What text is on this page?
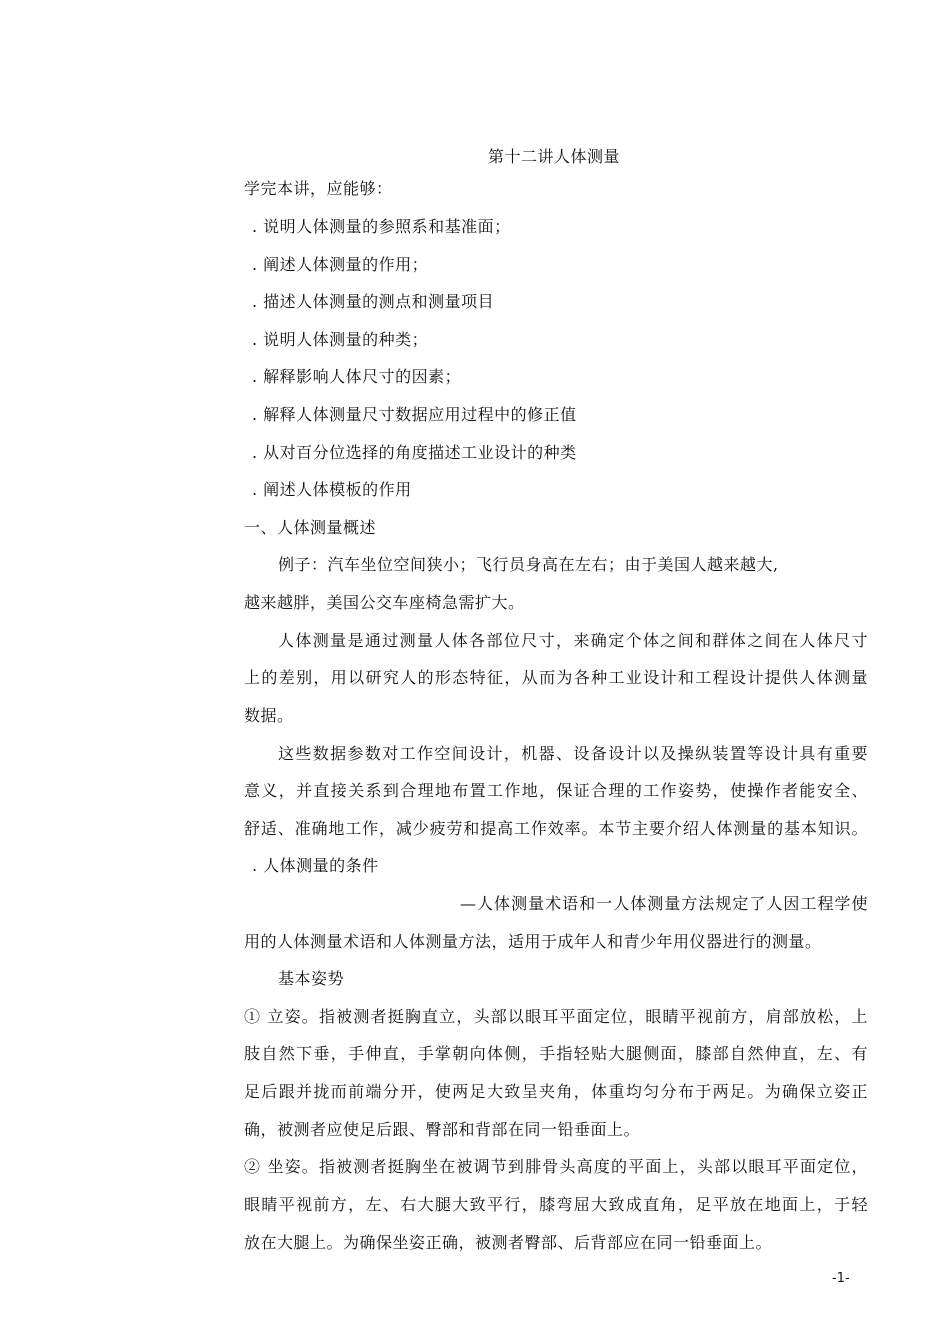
第十二讲人体测量
学完本讲，应能够：
. 说明人体测量的参照系和基准面；
. 阐述人体测量的作用；
. 描述人体测量的测点和测量项目
. 说明人体测量的种类；
. 解释影响人体尺寸的因素；
. 解释人体测量尺寸数据应用过程中的修正值
. 从对百分位选择的角度描述工业设计的种类
. 阐述人体模板的作用
一、人体测量概述
例子：汽车坐位空间狭小；飞行员身高在左右；由于美国人越来越大,
越来越胖，美国公交车座椅急需扩大。
人体测量是通过测量人体各部位尺寸，来确定个体之间和群体之间在人体尺寸
上的差别，用以研究人的形态特征，从而为各种工业设计和工程设计提供人体测量
数据。
这些数据参数对工作空间设计，机器、设备设计以及操纵装置等设计具有重要
意义，并直接关系到合理地布置工作地，保证合理的工作姿势，使操作者能安全、
舒适、准确地工作，减少疲劳和提高工作效率。本节主要介绍人体测量的基本知识。
. 人体测量的条件
—人体测量术语和一人体测量方法规定了人因工程学使
用的人体测量术语和人体测量方法，适用于成年人和青少年用仪器进行的测量。
基本姿势
① 立姿。指被测者挺胸直立，头部以眼耳平面定位，眼睛平视前方，肩部放松，上
肢自然下垂，手伸直，手掌朝向体侧，手指轻贴大腿侧面，膝部自然伸直，左、有
足后跟并拢而前端分开，使两足大致呈夹角，体重均匀分布于两足。为确保立姿正
确，被测者应使足后跟、臀部和背部在同一铅垂面上。
② 坐姿。指被测者挺胸坐在被调节到腓骨头高度的平面上，头部以眼耳平面定位，
眼睛平视前方，左、右大腿大致平行，膝弯屈大致成直角，足平放在地面上，于轻
放在大腿上。为确保坐姿正确，被测者臀部、后背部应在同一铅垂面上。
-1-
